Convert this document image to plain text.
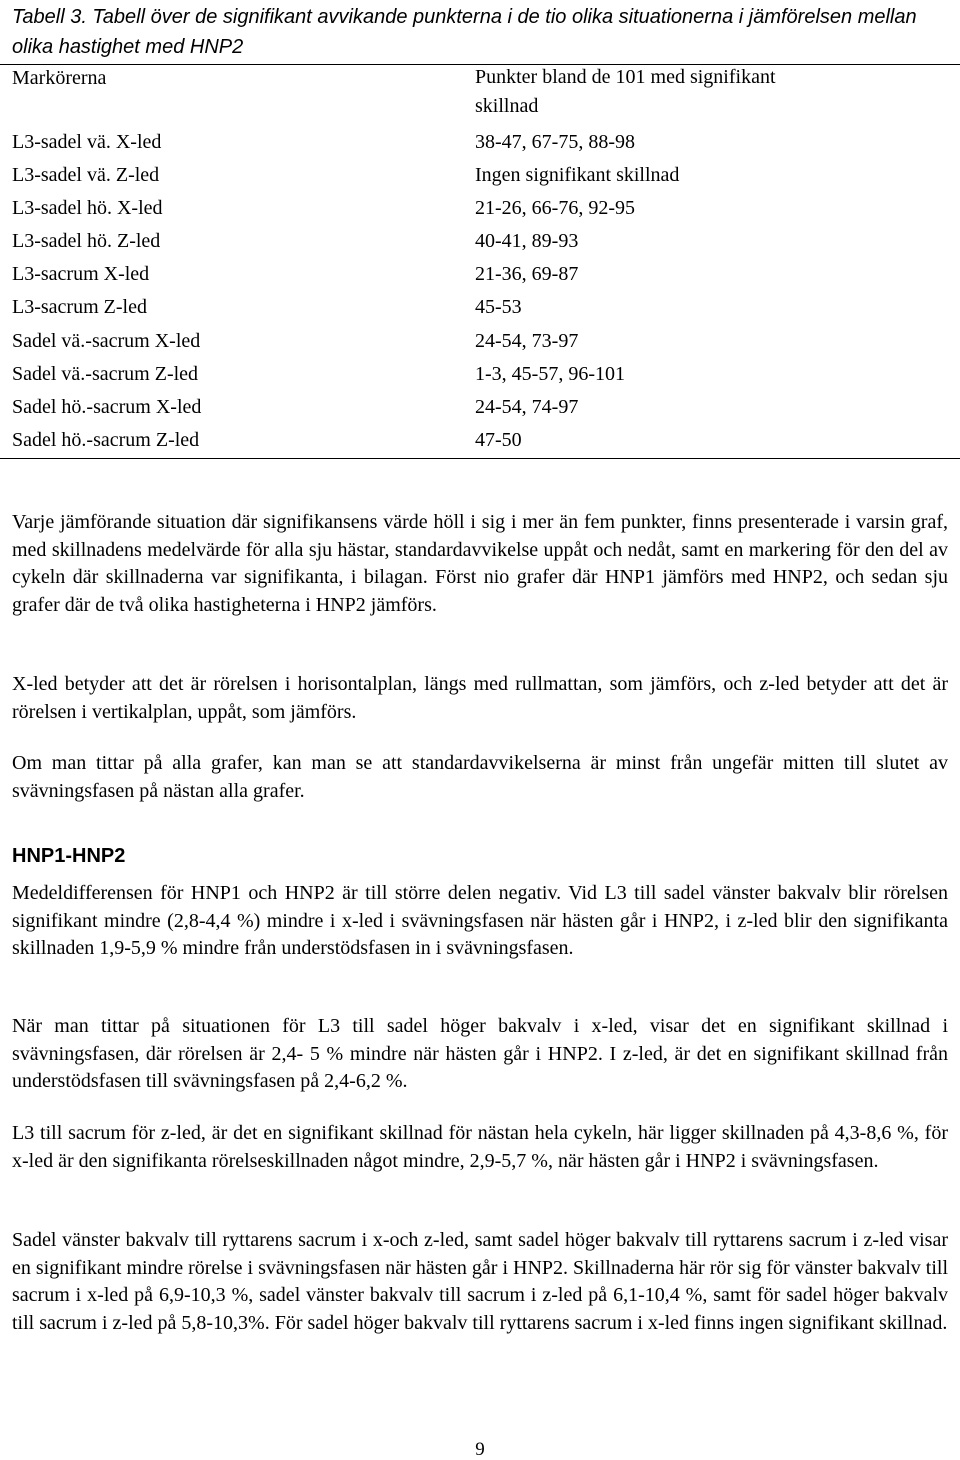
Tabell 3. Tabell över de signifikant avvikande punkterna i de tio olika situationerna i jämförelsen mellan olika hastighet med HNP2

Markörerna	Punkter bland de 101 med signifikant skillnad
L3-sadel vä. X-led	38-47, 67-75, 88-98
L3-sadel vä. Z-led	Ingen signifikant skillnad
L3-sadel hö. X-led	21-26, 66-76, 92-95
L3-sadel hö. Z-led	40-41, 89-93
L3-sacrum X-led	21-36, 69-87
L3-sacrum Z-led	45-53
Sadel vä.-sacrum X-led	24-54, 73-97
Sadel vä.-sacrum Z-led	1-3, 45-57, 96-101
Sadel hö.-sacrum X-led	24-54, 74-97
Sadel hö.-sacrum Z-led	47-50

Varje jämförande situation där signifikansens värde höll i sig i mer än fem punkter, finns presenterade i varsin graf, med skillnadens medelvärde för alla sju hästar, standardavvikelse uppåt och nedåt, samt en markering för den del av cykeln där skillnaderna var signifikanta, i bilagan. Först nio grafer där HNP1 jämförs med HNP2, och sedan sju grafer där de två olika hastigheterna i HNP2 jämförs.

X-led betyder att det är rörelsen i horisontalplan, längs med rullmattan, som jämförs, och z-led betyder att det är rörelsen i vertikalplan, uppåt, som jämförs.

Om man tittar på alla grafer, kan man se att standardavvikelserna är minst från ungefär mitten till slutet av svävningsfasen på nästan alla grafer.

HNP1-HNP2

Medeldifferensen för HNP1 och HNP2 är till större delen negativ. Vid L3 till sadel vänster bakvalv blir rörelsen signifikant mindre (2,8-4,4 %) mindre i x-led i svävningsfasen när hästen går i HNP2, i z-led blir den signifikanta skillnaden 1,9-5,9 % mindre från understödsfasen in i svävningsfasen.

När man tittar på situationen för L3 till sadel höger bakvalv i x-led, visar det en signifikant skillnad i svävningsfasen, där rörelsen är 2,4- 5 % mindre när hästen går i HNP2. I z-led, är det en signifikant skillnad från understödsfasen till svävningsfasen på 2,4-6,2 %.

L3 till sacrum för z-led, är det en signifikant skillnad för nästan hela cykeln, här ligger skillnaden på 4,3-8,6 %, för x-led är den signifikanta rörelseskillnaden något mindre, 2,9-5,7 %, när hästen går i HNP2 i svävningsfasen.

Sadel vänster bakvalv till ryttarens sacrum i x-och z-led, samt sadel höger bakvalv till ryttarens sacrum i z-led visar en signifikant mindre rörelse i svävningsfasen när hästen går i HNP2. Skillnaderna här rör sig för vänster bakvalv till sacrum i x-led på 6,9-10,3 %, sadel vänster bakvalv till sacrum i z-led på 6,1-10,4 %, samt för sadel höger bakvalv till sacrum i z-led på 5,8-10,3%. För sadel höger bakvalv till ryttarens sacrum i x-led finns ingen signifikant skillnad.

9
